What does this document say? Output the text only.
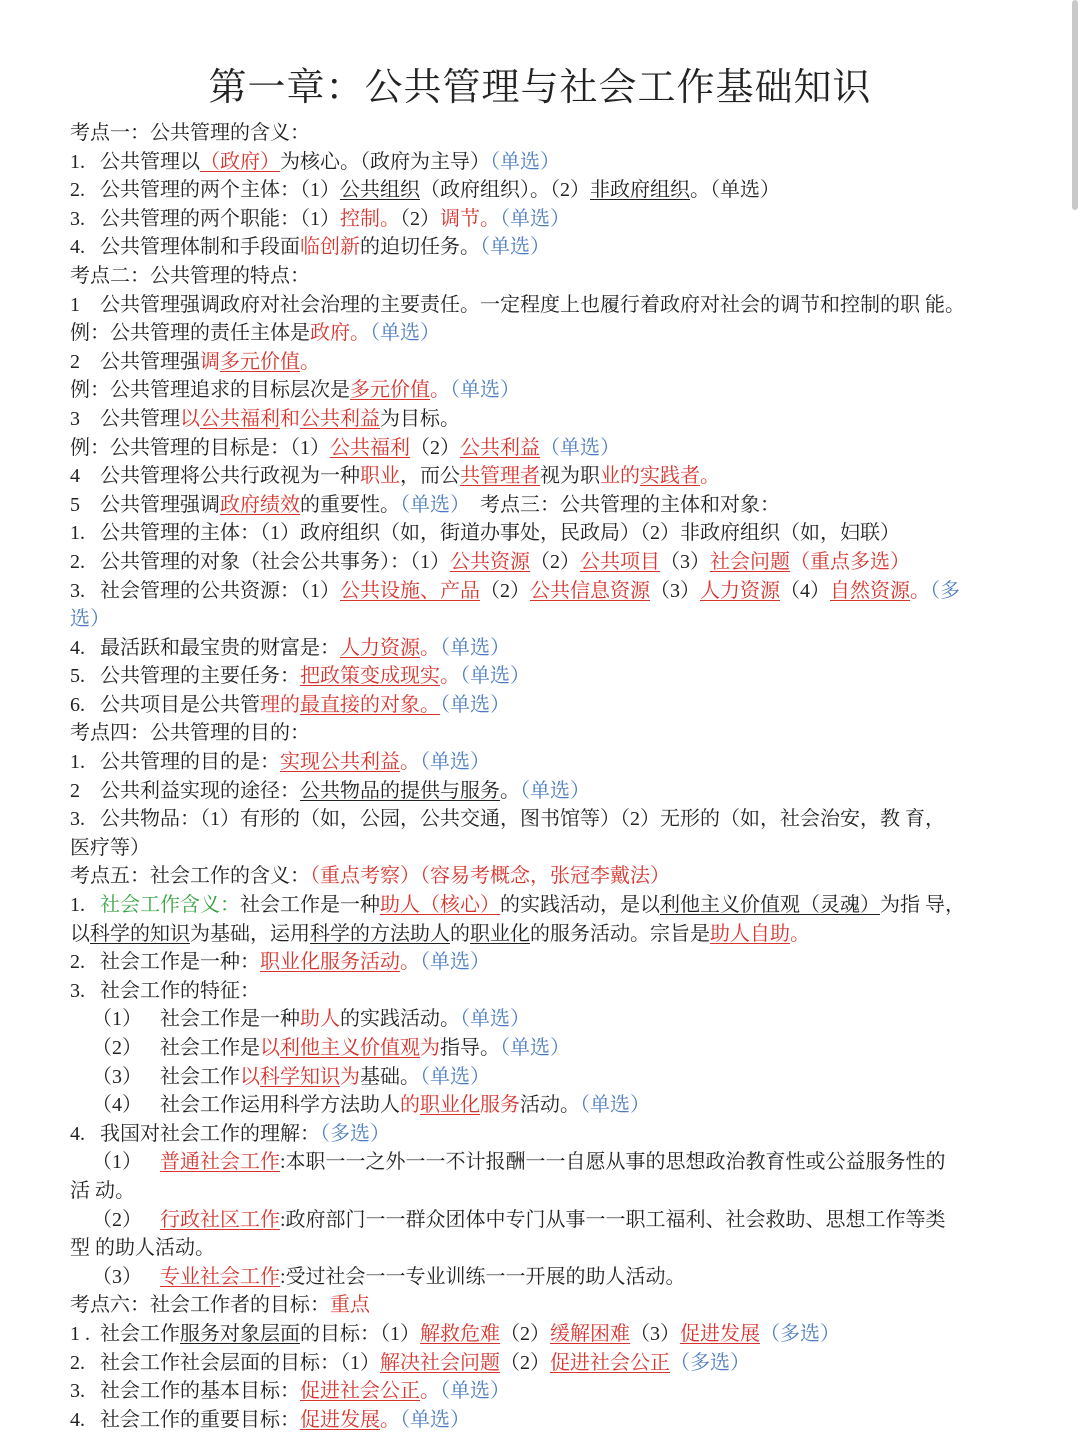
第一章：公共管理与社会工作基础知识
考点一：公共管理的含义：
1. 公共管理以（政府）为核心。（政府为主导）（单选）
2. 公共管理的两个主体：（1）公共组织（政府组织）。（2）非政府组织。（单选）
3. 公共管理的两个职能：（1）控制。（2）调节。（单选）
4. 公共管理体制和手段面临创新的迫切任务。（单选）
考点二：公共管理的特点：
1 公共管理强调政府对社会治理的主要责任。一定程度上也履行着政府对社会的调节和控制的职 能。
例：公共管理的责任主体是政府。（单选）
2 公共管理强调多元价值。
例：公共管理追求的目标层次是多元价值。（单选）
3 公共管理以公共福利和公共利益为目标。
例：公共管理的目标是：（1）公共福利（2）公共利益（单选）
4 公共管理将公共行政视为一种职业，而公共管理者视为职业的实践者。
5 公共管理强调政府绩效的重要性。（单选）　考点三：公共管理的主体和对象：
1. 公共管理的主体：（1）政府组织（如，街道办事处，民政局）（2）非政府组织（如，妇联）
2. 公共管理的对象（社会公共事务）：（1）公共资源（2）公共项目（3）社会问题（重点多选）
3. 社会管理的公共资源：（1）公共设施、产品（2）公共信息资源（3）人力资源（4）自然资源。（多
选）
4. 最活跃和最宝贵的财富是：人力资源。（单选）
5. 公共管理的主要任务：把政策变成现实。（单选）
6. 公共项目是公共管理的最直接的对象。（单选）
考点四：公共管理的目的：
1. 公共管理的目的是：实现公共利益。（单选）
2 公共利益实现的途径：公共物品的提供与服务。（单选）
3. 公共物品：（1）有形的（如，公园，公共交通，图书馆等）（2）无形的（如，社会治安，教 育，
医疗等）
考点五：社会工作的含义：（重点考察）（容易考概念，张冠李戴法）
1. 社会工作含义：社会工作是一种助人（核心）的实践活动，是以利他主义价值观（灵魂）为指 导，
以科学的知识为基础，运用科学的方法助人的职业化的服务活动。宗旨是助人自助。
2. 社会工作是一种：职业化服务活动。（单选）
3. 社会工作的特征：
（1） 社会工作是一种助人的实践活动。（单选）
（2） 社会工作是以利他主义价值观为指导。（单选）
（3） 社会工作以科学知识为基础。（单选）
（4） 社会工作运用科学方法助人的职业化服务活动。（单选）
4. 我国对社会工作的理解：（多选）
（1） 普通社会工作:本职一一之外一一不计报酬一一自愿从事的思想政治教育性或公益服务性的
活 动。
（2） 行政社区工作:政府部门一一群众团体中专门从事一一职工福利、社会救助、思想工作等类
型 的助人活动。
（3） 专业社会工作:受过社会一一专业训练一一开展的助人活动。
考点六：社会工作者的目标：重点
1 . 社会工作服务对象层面的目标：（1）解救危难（2）缓解困难（3）促进发展（多选）
2. 社会工作社会层面的目标：（1）解决社会问题（2）促进社会公正（多选）
3. 社会工作的基本目标：促进社会公正。（单选）
4. 社会工作的重要目标：促进发展。（单选）
